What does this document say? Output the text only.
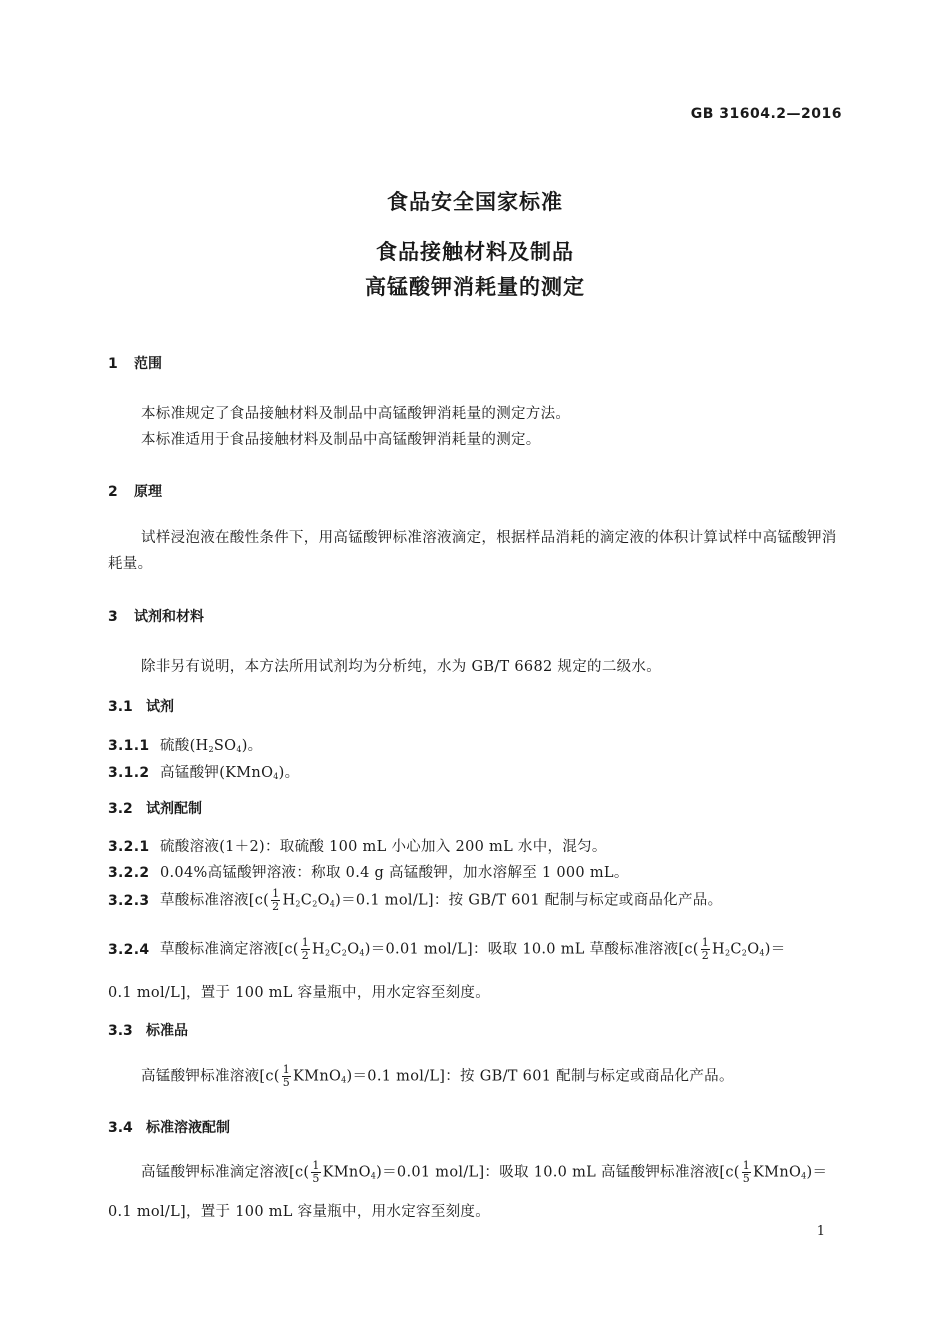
GB 31604.2—2016
食品安全国家标准
食品接触材料及制品
高锰酸钾消耗量的测定
1 范围
本标准规定了食品接触材料及制品中高锰酸钾消耗量的测定方法。
本标准适用于食品接触材料及制品中高锰酸钾消耗量的测定。
2 原理
试样浸泡液在酸性条件下，用高锰酸钾标准溶液滴定，根据样品消耗的滴定液的体积计算试样中高锰酸钾消耗量。
3 试剂和材料
除非另有说明，本方法所用试剂均为分析纯，水为 GB/T 6682 规定的二级水。
3.1 试剂
3.1.1 硫酸$(H_2SO_4)$。
3.1.2 高锰酸钾(KMnO$_4$)。
3.2 试剂配制
3.2.1 硫酸溶液(1＋2)：取硫酸 100 mL 小心加入 200 mL 水中，混匀。
3.2.2 0.04%高锰酸钾溶液：称取 0.4 g 高锰酸钾，加水溶解至 1 000 mL。
3.2.3 草酸标准溶液[$c( \frac{1}{2} H_2C_2O_4)=0.1$ mol/L]：按 GB/T 601 配制与标定或商品化产品。
3.2.4 草酸标准滴定溶液[$c( \frac{1}{2} H_2C_2O_4)=0.01$ mol/L]：吸取 10.0 mL 草酸标准溶液[$c( \frac{1}{2} H_2C_2O_4)=$
0.1 mol/L]，置于 100 mL 容量瓶中，用水定容至刻度。
3.3 标准品
高锰酸钾标准溶液[$c( \frac{1}{5}$ KMnO$_4$)＝0.1 mol/L]：按 GB/T 601 配制与标定或商品化产品。
3.4 标准溶液配制
高锰酸钾标准滴定溶液[$c( \frac{1}{5}$ KMnO$_4$)＝0.01 mol/L]：吸取 10.0 mL 高锰酸钾标准溶液[$c( \frac{1}{5}$ KMnO$_4$)＝
0.1 mol/L]，置于 100 mL 容量瓶中，用水定容至刻度。
1
